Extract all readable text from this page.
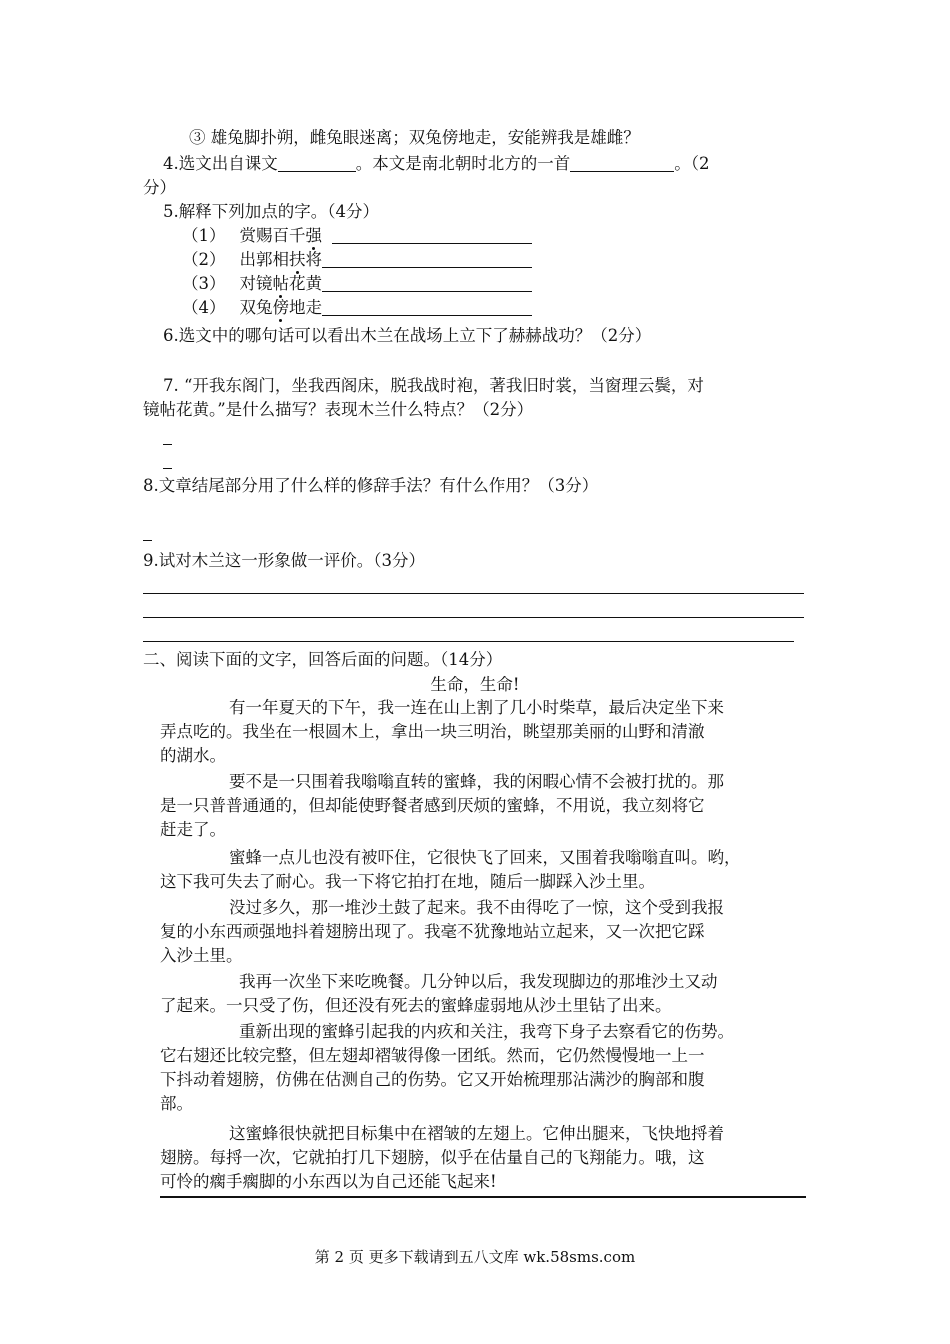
③ 雄兔脚扑朔，雌兔眼迷离；双兔傍地走，安能辨我是雄雌？
4.选文出自课文	。本文是南北朝时北方的一首	。（2
分）
5.解释下列加点的字。（4分）
（1） 赏赐百千强
（2） 出郭相扶将
（3） 对镜帖花黄
（4） 双兔傍地走
6.选文中的哪句话可以看出木兰在战场上立下了赫赫战功？（2分）
7. “开我东阁门，坐我西阁床，脱我战时袍，著我旧时裳，当窗理云鬓，对
镜帖花黄。”是什么描写？表现木兰什么特点？（2分）
8.文章结尾部分用了什么样的修辞手法？有什么作用？（3分）
9.试对木兰这一形象做一评价。（3分）
二、阅读下面的文字，回答后面的问题。（14分）
生命，生命!
有一年夏天的下午，我一连在山上割了几小时柴草，最后决定坐下来
弄点吃的。我坐在一根圆木上，拿出一块三明治，眺望那美丽的山野和清澈
的湖水。
要不是一只围着我嗡嗡直转的蜜蜂，我的闲暇心情不会被打扰的。那
是一只普普通通的，但却能使野餐者感到厌烦的蜜蜂，不用说，我立刻将它
赶走了。
蜜蜂一点儿也没有被吓住，它很快飞了回来，又围着我嗡嗡直叫。哟，
这下我可失去了耐心。我一下将它拍打在地，随后一脚踩入沙土里。
没过多久，那一堆沙土鼓了起来。我不由得吃了一惊，这个受到我报
复的小东西顽强地抖着翅膀出现了。我毫不犹豫地站立起来，又一次把它踩
入沙土里。
我再一次坐下来吃晚餐。几分钟以后，我发现脚边的那堆沙土又动
了起来。一只受了伤，但还没有死去的蜜蜂虚弱地从沙土里钻了出来。
重新出现的蜜蜂引起我的内疚和关注，我弯下身子去察看它的伤势。
它右翅还比较完整，但左翅却褶皱得像一团纸。然而，它仍然慢慢地一上一
下抖动着翅膀，仿佛在估测自己的伤势。它又开始梳理那沾满沙的胸部和腹
部。
这蜜蜂很快就把目标集中在褶皱的左翅上。它伸出腿来，飞快地捋着
翅膀。每捋一次，它就拍打几下翅膀，似乎在估量自己的飞翔能力。哦，这
可怜的瘸手瘸脚的小东西以为自己还能飞起来!
第 2 页 更多下载请到五八文库 wk.58sms.com
